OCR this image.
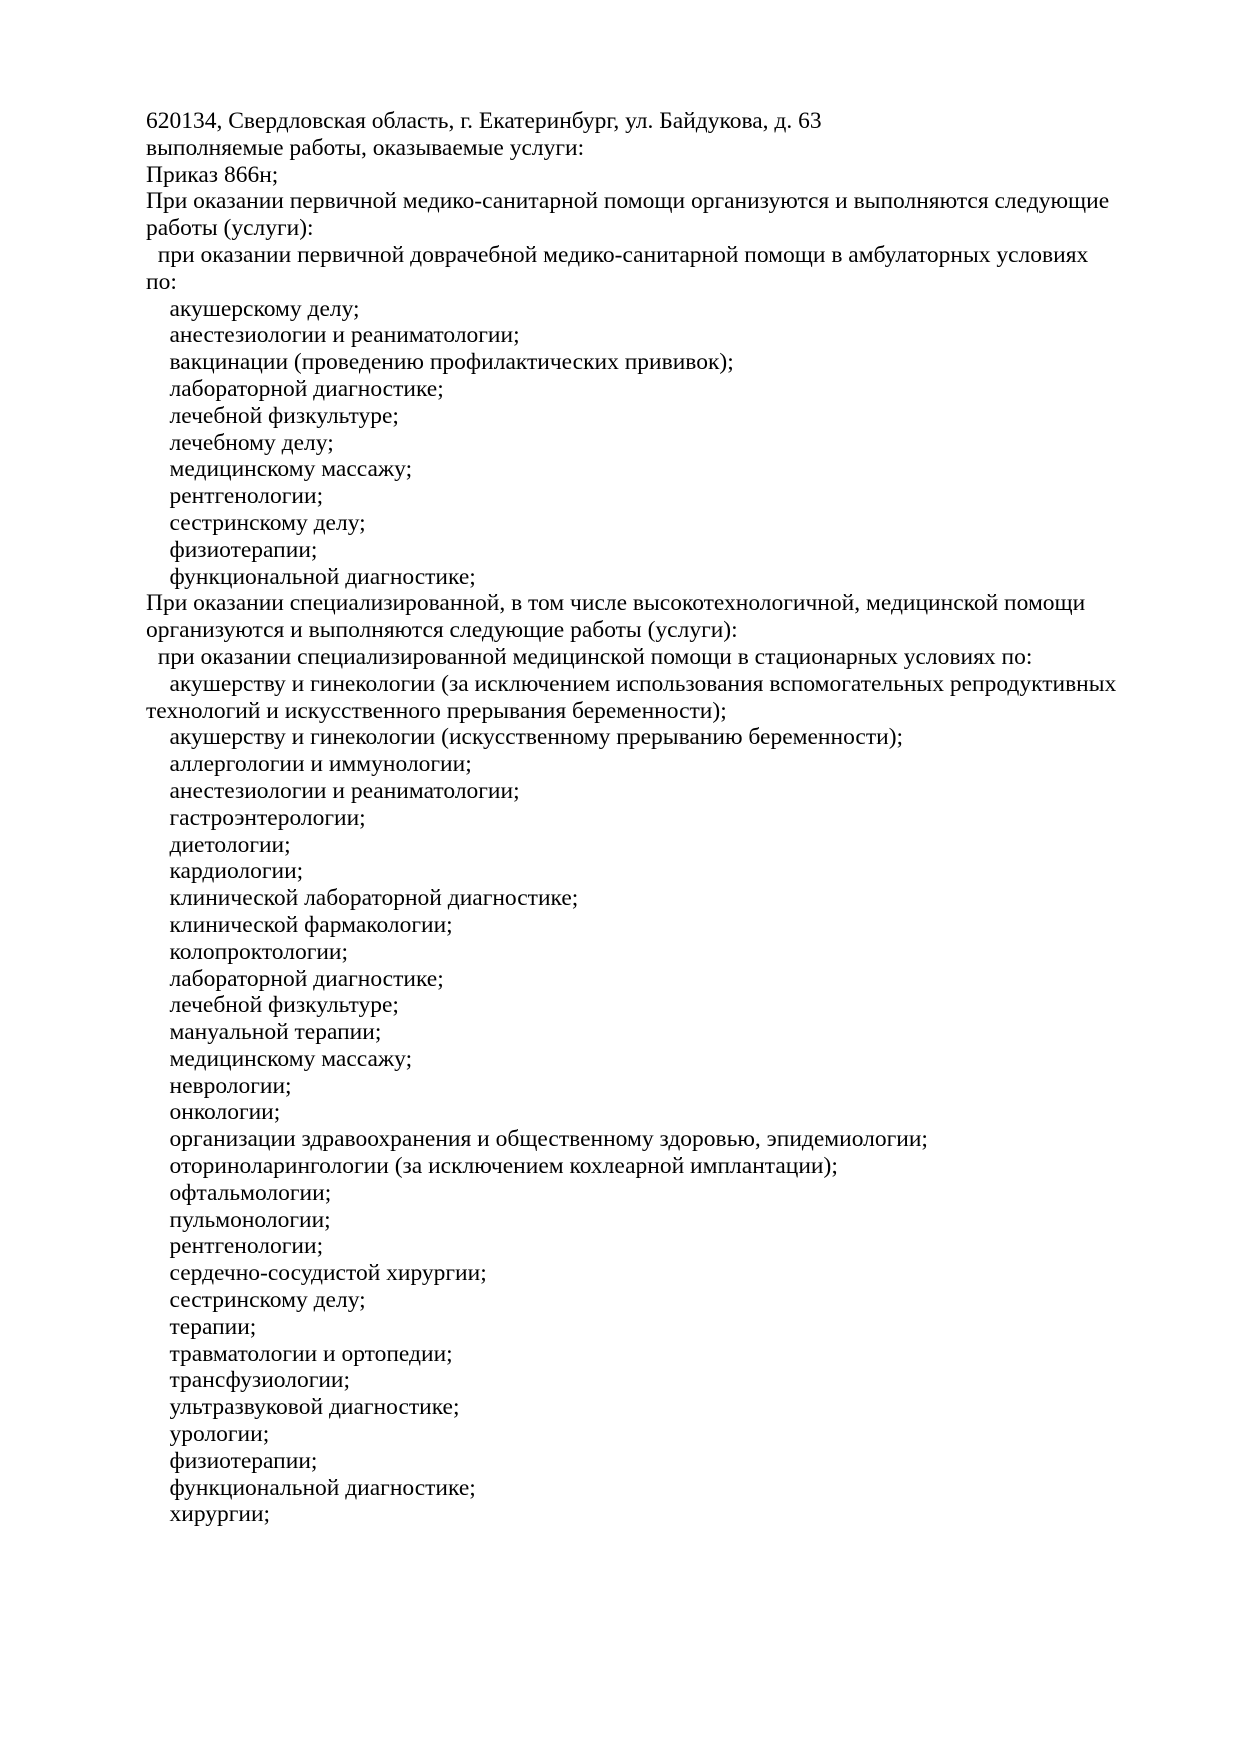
620134, Свердловская область, г. Екатеринбург, ул. Байдукова, д. 63
выполняемые работы, оказываемые услуги:
Приказ 866н;
При оказании первичной медико-санитарной помощи организуются и выполняются следующие
работы (услуги):
при оказании первичной доврачебной медико-санитарной помощи в амбулаторных условиях
по:
акушерскому делу;
анестезиологии и реаниматологии;
вакцинации (проведению профилактических прививок);
лабораторной диагностике;
лечебной физкультуре;
лечебному делу;
медицинскому массажу;
рентгенологии;
сестринскому делу;
физиотерапии;
функциональной диагностике;
При оказании специализированной, в том числе высокотехнологичной, медицинской помощи
организуются и выполняются следующие работы (услуги):
при оказании специализированной медицинской помощи в стационарных условиях по:
акушерству и гинекологии (за исключением использования вспомогательных репродуктивных
технологий и искусственного прерывания беременности);
акушерству и гинекологии (искусственному прерыванию беременности);
аллергологии и иммунологии;
анестезиологии и реаниматологии;
гастроэнтерологии;
диетологии;
кардиологии;
клинической лабораторной диагностике;
клинической фармакологии;
колопроктологии;
лабораторной диагностике;
лечебной физкультуре;
мануальной терапии;
медицинскому массажу;
неврологии;
онкологии;
организации здравоохранения и общественному здоровью, эпидемиологии;
оториноларингологии (за исключением кохлеарной имплантации);
офтальмологии;
пульмонологии;
рентгенологии;
сердечно-сосудистой хирургии;
сестринскому делу;
терапии;
травматологии и ортопедии;
трансфузиологии;
ультразвуковой диагностике;
урологии;
физиотерапии;
функциональной диагностике;
хирургии;
